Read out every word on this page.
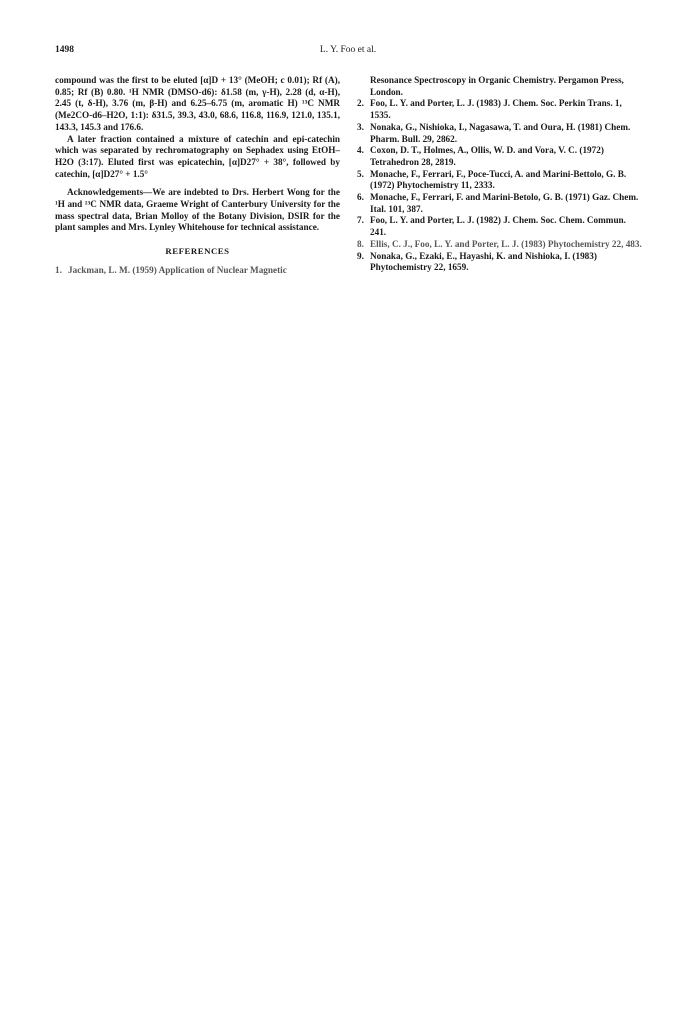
1498	L. Y. Foo et al.

compound was the first to be eluted [α]D + 13° (MeOH; c 0.01); Rf (A), 0.85; Rf (B) 0.80. ¹H NMR (DMSO-d6): δ1.58 (m, γ-H), 2.28 (d, α-H), 2.45 (t, δ-H), 3.76 (m, β-H) and 6.25–6.75 (m, aromatic H) ¹³C NMR (Me2CO-d6–H2O, 1:1): δ31.5, 39.3, 43.0, 68.6, 116.8, 116.9, 121.0, 135.1, 143.3, 145.3 and 176.6.

A later fraction contained a mixture of catechin and epi-catechin which was separated by rechromatography on Sephadex using EtOH–H2O (3:17). Eluted first was epicatechin, [α]D27° + 38°, followed by catechin, [α]D27° + 1.5°

Acknowledgements—We are indebted to Drs. Herbert Wong for the ¹H and ¹³C NMR data, Graeme Wright of Canterbury University for the mass spectral data, Brian Molloy of the Botany Division, DSIR for the plant samples and Mrs. Lynley Whitehouse for technical assistance.

REFERENCES
1. Jackman, L. M. (1959) Application of Nuclear Magnetic
Resonance Spectroscopy in Organic Chemistry. Pergamon Press, London.
2. Foo, L. Y. and Porter, L. J. (1983) J. Chem. Soc. Perkin Trans. 1, 1535.
3. Nonaka, G., Nishioka, I., Nagasawa, T. and Oura, H. (1981) Chem. Pharm. Bull. 29, 2862.
4. Coxon, D. T., Holmes, A., Ollis, W. D. and Vora, V. C. (1972) Tetrahedron 28, 2819.
5. Monache, F., Ferrari, F., Poce-Tucci, A. and Marini-Bettolo, G. B. (1972) Phytochemistry 11, 2333.
6. Monache, F., Ferrari, F. and Marini-Betolo, G. B. (1971) Gaz. Chem. Ital. 101, 387.
7. Foo, L. Y. and Porter, L. J. (1982) J. Chem. Soc. Chem. Commun. 241.
8. Ellis, C. J., Foo, L. Y. and Porter, L. J. (1983) Phytochemistry 22, 483.
9. Nonaka, G., Ezaki, E., Hayashi, K. and Nishioka, I. (1983) Phytochemistry 22, 1659.
